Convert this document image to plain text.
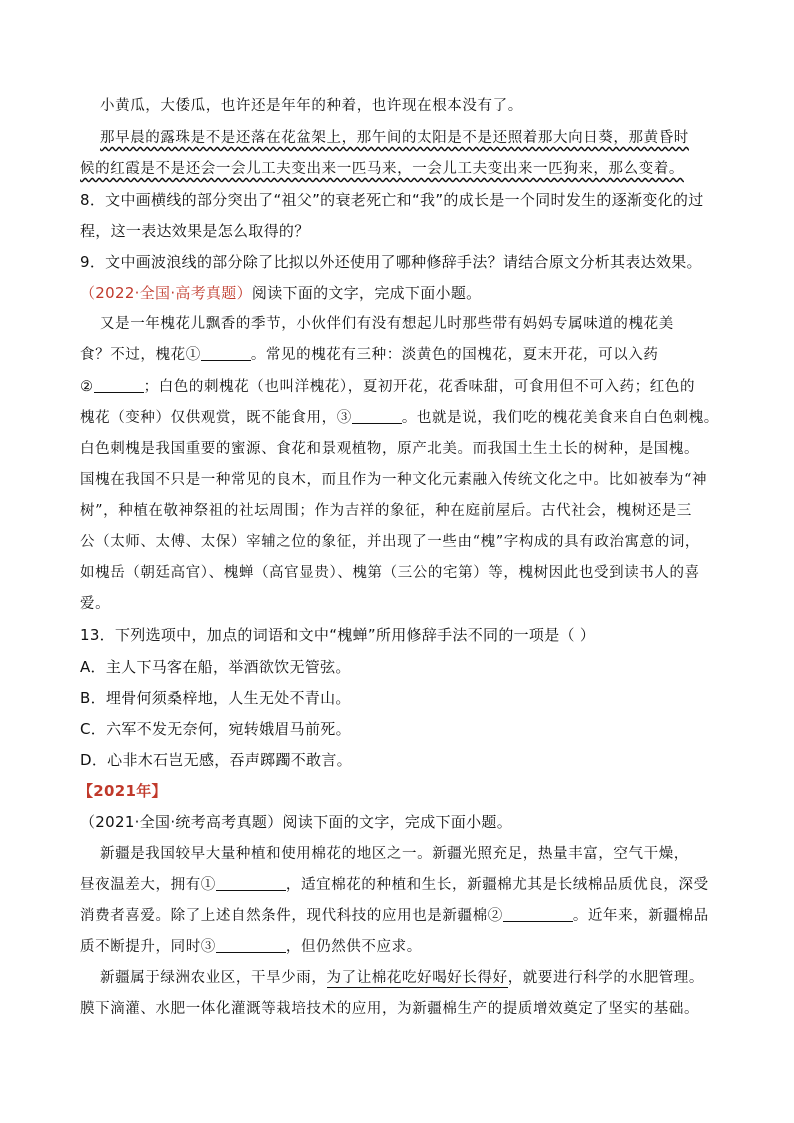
小黄瓜，大倭瓜，也许还是年年的种着，也许现在根本没有了。
那早晨的露珠是不是还落在花盆架上，那午间的太阳是不是还照着那大向日葵，那黄昏时
候的红霞是不是还会一会儿工夫变出来一匹马来，一会儿工夫变出来一匹狗来，那么变着。
8．文中画横线的部分突出了“祖父”的衰老死亡和“我”的成长是一个同时发生的逐渐变化的过
程，这一表达效果是怎么取得的？
9．文中画波浪线的部分除了比拟以外还使用了哪种修辞手法？请结合原文分析其表达效果。
（2022·全国·高考真题）阅读下面的文字，完成下面小题。
又是一年槐花儿飘香的季节，小伙伴们有没有想起儿时那些带有妈妈专属味道的槐花美
食？不过，槐花①	。常见的槐花有三种：淡黄色的国槐花，夏末开花，可以入药
②	；白色的刺槐花（也叫洋槐花），夏初开花，花香味甜，可食用但不可入药；红色的
槐花（变种）仅供观赏，既不能食用，③	。也就是说，我们吃的槐花美食来自白色刺槐。
白色刺槐是我国重要的蜜源、食花和景观植物，原产北美。而我国土生土长的树种，是国槐。
国槐在我国不只是一种常见的良木，而且作为一种文化元素融入传统文化之中。比如被奉为“神
树”，种植在敬神祭祖的社坛周围；作为吉祥的象征，种在庭前屋后。古代社会，槐树还是三
公（太师、太傅、太保）宰辅之位的象征，并出现了一些由“槐”字构成的具有政治寓意的词，
如槐岳（朝廷高官）、槐蝉（高官显贵）、槐第（三公的宅第）等，槐树因此也受到读书人的喜
爱。
13．下列选项中，加点的词语和文中“槐蝉”所用修辞手法不同的一项是（ ）
A．主人下马客在船，举酒欲饮无管弦。
B．埋骨何须桑梓地，人生无处不青山。
C．六军不发无奈何，宛转娥眉马前死。
D．心非木石岂无感，吞声踯躅不敢言。
【2021年】
（2021·全国·统考高考真题）阅读下面的文字，完成下面小题。
新疆是我国较早大量种植和使用棉花的地区之一。新疆光照充足，热量丰富，空气干燥，
昼夜温差大，拥有①	，适宜棉花的种植和生长，新疆棉尤其是长绒棉品质优良，深受
消费者喜爱。除了上述自然条件，现代科技的应用也是新疆棉②	。近年来，新疆棉品
质不断提升，同时③	，但仍然供不应求。
新疆属于绿洲农业区，干旱少雨，为了让棉花吃好喝好长得好，就要进行科学的水肥管理。
膜下滴灌、水肥一体化灌溉等栽培技术的应用，为新疆棉生产的提质增效奠定了坚实的基础。
